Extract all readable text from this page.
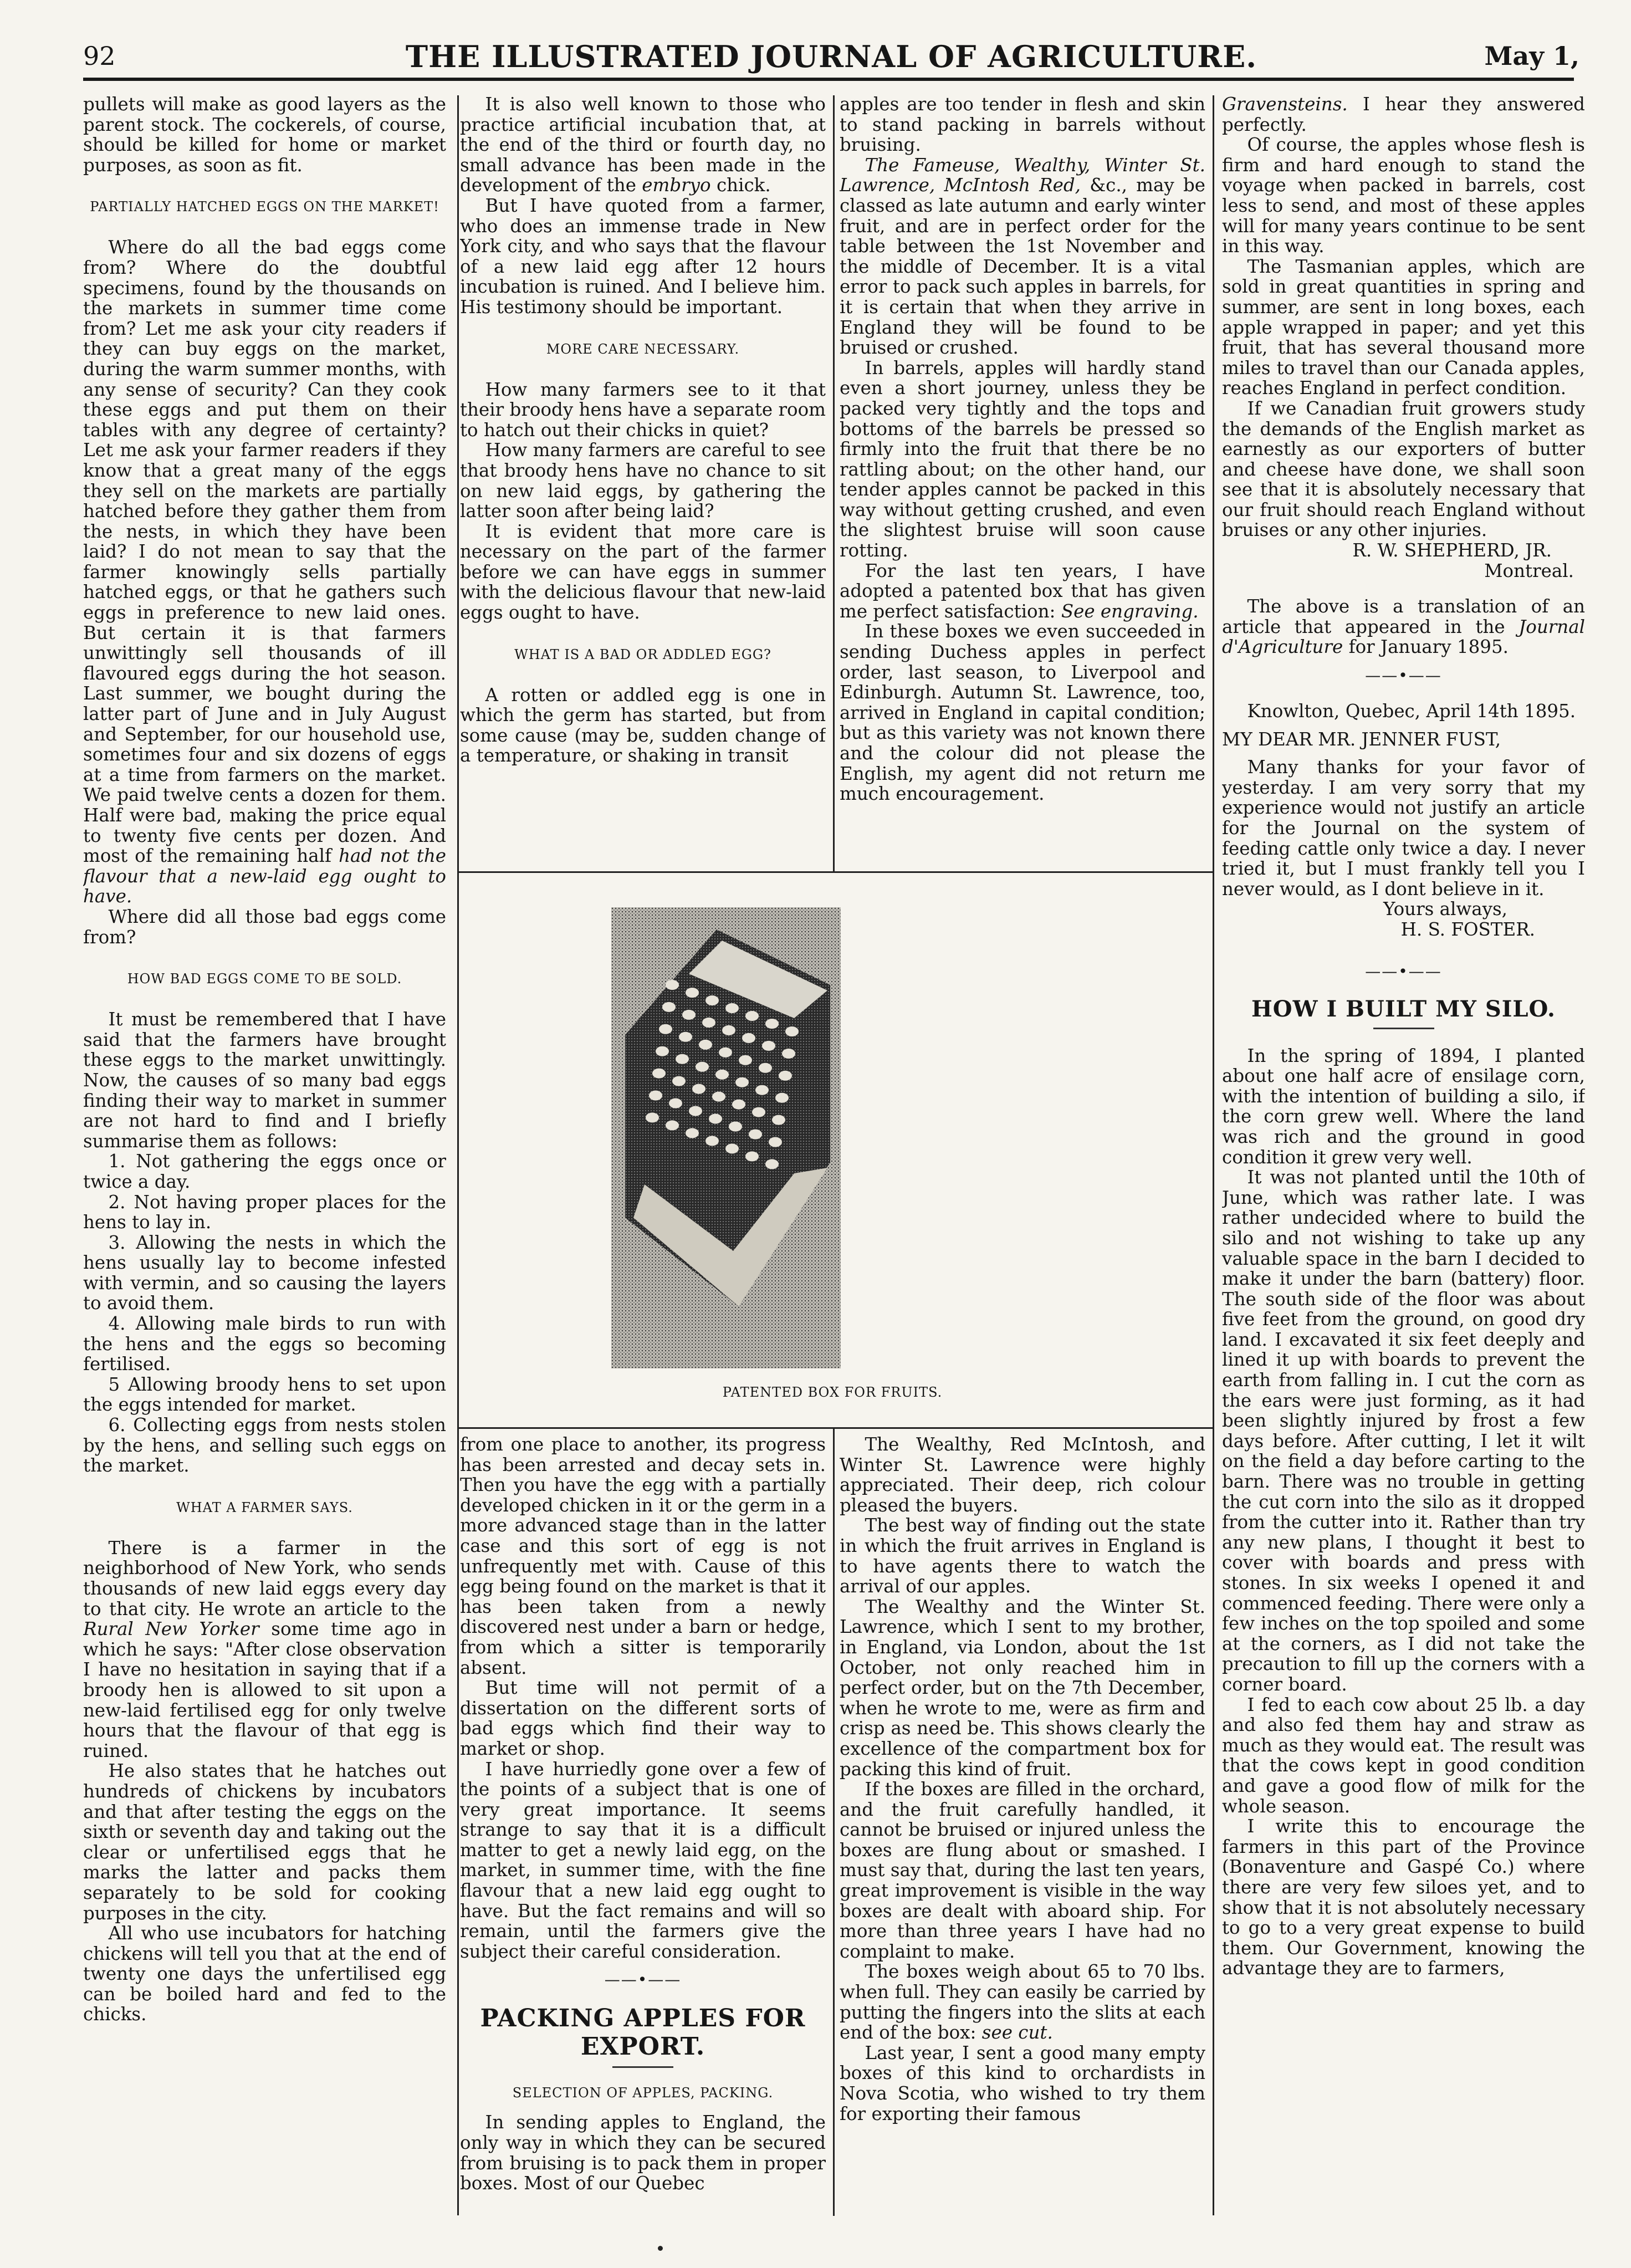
92	THE ILLUSTRATED JOURNAL OF AGRICULTURE.	May 1,

pullets will make as good layers as the parent stock. The cockerels, of course, should be killed for home or market purposes, as soon as fit.

PARTIALLY HATCHED EGGS ON THE MARKET!

Where do all the bad eggs come from? Where do the doubtful specimens, found by the thousands on the markets in summer time come from? Let me ask your city readers if they can buy eggs on the market, during the warm summer months, with any sense of security? Can they cook these eggs and put them on their tables with any degree of certainty? Let me ask your farmer readers if they know that a great many of the eggs they sell on the markets are partially hatched before they gather them from the nests, in which they have been laid? I do not mean to say that the farmer knowingly sells partially hatched eggs, or that he gathers such eggs in preference to new laid ones. But certain it is that farmers unwittingly sell thousands of ill flavoured eggs during the hot season. Last summer, we bought during the latter part of June and in July August and September, for our household use, sometimes four and six dozens of eggs at a time from farmers on the market. We paid twelve cents a dozen for them. Half were bad, making the price equal to twenty five cents per dozen. And most of the remaining half had not the flavour that a new-laid egg ought to have.

Where did all those bad eggs come from?

HOW BAD EGGS COME TO BE SOLD.

It must be remembered that I have said that the farmers have brought these eggs to the market unwittingly. Now, the causes of so many bad eggs finding their way to market in summer are not hard to find and I briefly summarise them as follows:

1. Not gathering the eggs once or twice a day.

2. Not having proper places for the hens to lay in.

3. Allowing the nests in which the hens usually lay to become infested with vermin, and so causing the layers to avoid them.

4. Allowing male birds to run with the hens and the eggs so becoming fertilised.

5 Allowing broody hens to set upon the eggs intended for market.

6. Collecting eggs from nests stolen by the hens, and selling such eggs on the market.

WHAT A FARMER SAYS.

There is a farmer in the neighborhood of New York, who sends thousands of new laid eggs every day to that city. He wrote an article to the Rural New Yorker some time ago in which he says: "After close observation I have no hesitation in saying that if a broody hen is allowed to sit upon a new-laid fertilised egg for only twelve hours that the flavour of that egg is ruined.

He also states that he hatches out hundreds of chickens by incubators and that after testing the eggs on the sixth or seventh day and taking out the clear or unfertilised eggs that he marks the latter and packs them separately to be sold for cooking purposes in the city.

All who use incubators for hatching chickens will tell you that at the end of twenty one days the unfertilised egg can be boiled hard and fed to the chicks.

It is also well known to those who practice artificial incubation that, at the end of the third or fourth day, no small advance has been made in the development of the embryo chick.

But I have quoted from a farmer, who does an immense trade in New York city, and who says that the flavour of a new laid egg after 12 hours incubation is ruined. And I believe him. His testimony should be important.

MORE CARE NECESSARY.

How many farmers see to it that their broody hens have a separate room to hatch out their chicks in quiet?

How many farmers are careful to see that broody hens have no chance to sit on new laid eggs, by gathering the latter soon after being laid?

It is evident that more care is necessary on the part of the farmer before we can have eggs in summer with the delicious flavour that new-laid eggs ought to have.

WHAT IS A BAD OR ADDLED EGG?

A rotten or addled egg is one in which the germ has started, but from some cause (may be, sudden change of a temperature, or shaking in transit

apples are too tender in flesh and skin to stand packing in barrels without bruising.

The Fameuse, Wealthy, Winter St. Lawrence, McIntosh Red, &c., may be classed as late autumn and early winter fruit, and are in perfect order for the table between the 1st November and the middle of December. It is a vital error to pack such apples in barrels, for it is certain that when they arrive in England they will be found to be bruised or crushed.

In barrels, apples will hardly stand even a short journey, unless they be packed very tightly and the tops and bottoms of the barrels be pressed so firmly into the fruit that there be no rattling about; on the other hand, our tender apples cannot be packed in this way without getting crushed, and even the slightest bruise will soon cause rotting.

For the last ten years, I have adopted a patented box that has given me perfect satisfaction: See engraving.

In these boxes we even succeeded in sending Duchess apples in perfect order, last season, to Liverpool and Edinburgh. Autumn St. Lawrence, too, arrived in England in capital condition; but as this variety was not known there and the colour did not please the English, my agent did not return me much encouragement.

PATENTED BOX FOR FRUITS.

from one place to another, its progress has been arrested and decay sets in. Then you have the egg with a partially developed chicken in it or the germ in a more advanced stage than in the latter case and this sort of egg is not unfrequently met with. Cause of this egg being found on the market is that it has been taken from a newly discovered nest under a barn or hedge, from which a sitter is temporarily absent.

But time will not permit of a dissertation on the different sorts of bad eggs which find their way to market or shop.

I have hurriedly gone over a few of the points of a subject that is one of very great importance. It seems strange to say that it is a difficult matter to get a newly laid egg, on the market, in summer time, with the fine flavour that a new laid egg ought to have. But the fact remains and will so remain, until the farmers give the subject their careful consideration.

——•——
PACKING APPLES FOR EXPORT.
SELECTION OF APPLES, PACKING.

In sending apples to England, the only way in which they can be secured from bruising is to pack them in proper boxes. Most of our Quebec

The Wealthy, Red McIntosh, and Winter St. Lawrence were highly appreciated. Their deep, rich colour pleased the buyers.

The best way of finding out the state in which the fruit arrives in England is to have agents there to watch the arrival of our apples.

The Wealthy and the Winter St. Lawrence, which I sent to my brother, in England, via London, about the 1st October, not only reached him in perfect order, but on the 7th December, when he wrote to me, were as firm and crisp as need be. This shows clearly the excellence of the compartment box for packing this kind of fruit.

If the boxes are filled in the orchard, and the fruit carefully handled, it cannot be bruised or injured unless the boxes are flung about or smashed. I must say that, during the last ten years, great improvement is visible in the way boxes are dealt with aboard ship. For more than three years I have had no complaint to make.

The boxes weigh about 65 to 70 lbs. when full. They can easily be carried by putting the fingers into the slits at each end of the box: see cut.

Last year, I sent a good many empty boxes of this kind to orchardists in Nova Scotia, who wished to try them for exporting their famous

Gravensteins. I hear they answered perfectly.

Of course, the apples whose flesh is firm and hard enough to stand the voyage when packed in barrels, cost less to send, and most of these apples will for many years continue to be sent in this way.

The Tasmanian apples, which are sold in great quantities in spring and summer, are sent in long boxes, each apple wrapped in paper; and yet this fruit, that has several thousand more miles to travel than our Canada apples, reaches England in perfect condition.

If we Canadian fruit growers study the demands of the English market as earnestly as our exporters of butter and cheese have done, we shall soon see that it is absolutely necessary that our fruit should reach England without bruises or any other injuries.

R. W. SHEPHERD, JR.
Montreal.

The above is a translation of an article that appeared in the Journal d'Agriculture for January 1895.

——•——

Knowlton, Quebec, April 14th 1895.

MY DEAR MR. JENNER FUST,

Many thanks for your favor of yesterday. I am very sorry that my experience would not justify an article for the Journal on the system of feeding cattle only twice a day. I never tried it, but I must frankly tell you I never would, as I dont believe in it.

Yours always,
H. S. FOSTER.
——•——
HOW I BUILT MY SILO.

In the spring of 1894, I planted about one half acre of ensilage corn, with the intention of building a silo, if the corn grew well. Where the land was rich and the ground in good condition it grew very well.

It was not planted until the 10th of June, which was rather late. I was rather undecided where to build the silo and not wishing to take up any valuable space in the barn I decided to make it under the barn (battery) floor. The south side of the floor was about five feet from the ground, on good dry land. I excavated it six feet deeply and lined it up with boards to prevent the earth from falling in. I cut the corn as the ears were just forming, as it had been slightly injured by frost a few days before. After cutting, I let it wilt on the field a day before carting to the barn. There was no trouble in getting the cut corn into the silo as it dropped from the cutter into it. Rather than try any new plans, I thought it best to cover with boards and press with stones. In six weeks I opened it and commenced feeding. There were only a few inches on the top spoiled and some at the corners, as I did not take the precaution to fill up the corners with a corner board.

I fed to each cow about 25 lb. a day and also fed them hay and straw as much as they would eat. The result was that the cows kept in good condition and gave a good flow of milk for the whole season.

I write this to encourage the farmers in this part of the Province (Bonaventure and Gaspé Co.) where there are very few siloes yet, and to show that it is not absolutely necessary to go to a very great expense to build them. Our Government, knowing the advantage they are to farmers,
